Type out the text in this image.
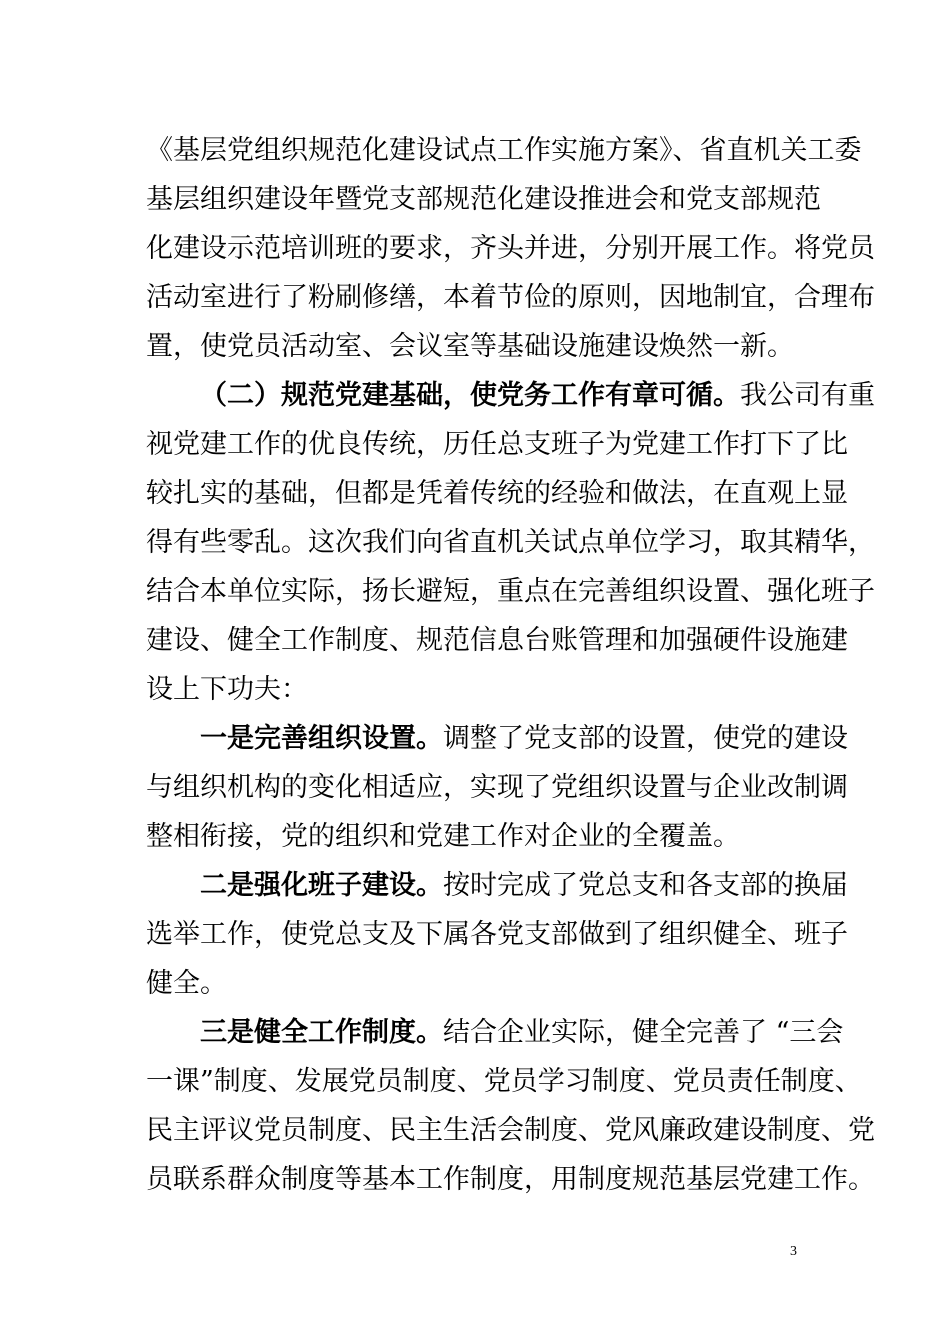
《基层党组织规范化建设试点工作实施方案》、省直机关工委
基层组织建设年暨党支部规范化建设推进会和党支部规范
化建设示范培训班的要求，齐头并进，分别开展工作。将党员
活动室进行了粉刷修缮，本着节俭的原则，因地制宜，合理布
置，使党员活动室、会议室等基础设施建设焕然一新。
（二）规范党建基础，使党务工作有章可循。我公司有重
视党建工作的优良传统，历任总支班子为党建工作打下了比
较扎实的基础，但都是凭着传统的经验和做法，在直观上显
得有些零乱。这次我们向省直机关试点单位学习，取其精华，
结合本单位实际，扬长避短，重点在完善组织设置、强化班子
建设、健全工作制度、规范信息台账管理和加强硬件设施建
设上下功夫：
一是完善组织设置。调整了党支部的设置，使党的建设
与组织机构的变化相适应，实现了党组织设置与企业改制调
整相衔接，党的组织和党建工作对企业的全覆盖。
二是强化班子建设。按时完成了党总支和各支部的换届
选举工作，使党总支及下属各党支部做到了组织健全、班子
健全。
三是健全工作制度。结合企业实际，健全完善了 “三会
一课”制度、发展党员制度、党员学习制度、党员责任制度、
民主评议党员制度、民主生活会制度、党风廉政建设制度、党
员联系群众制度等基本工作制度，用制度规范基层党建工作。
3
